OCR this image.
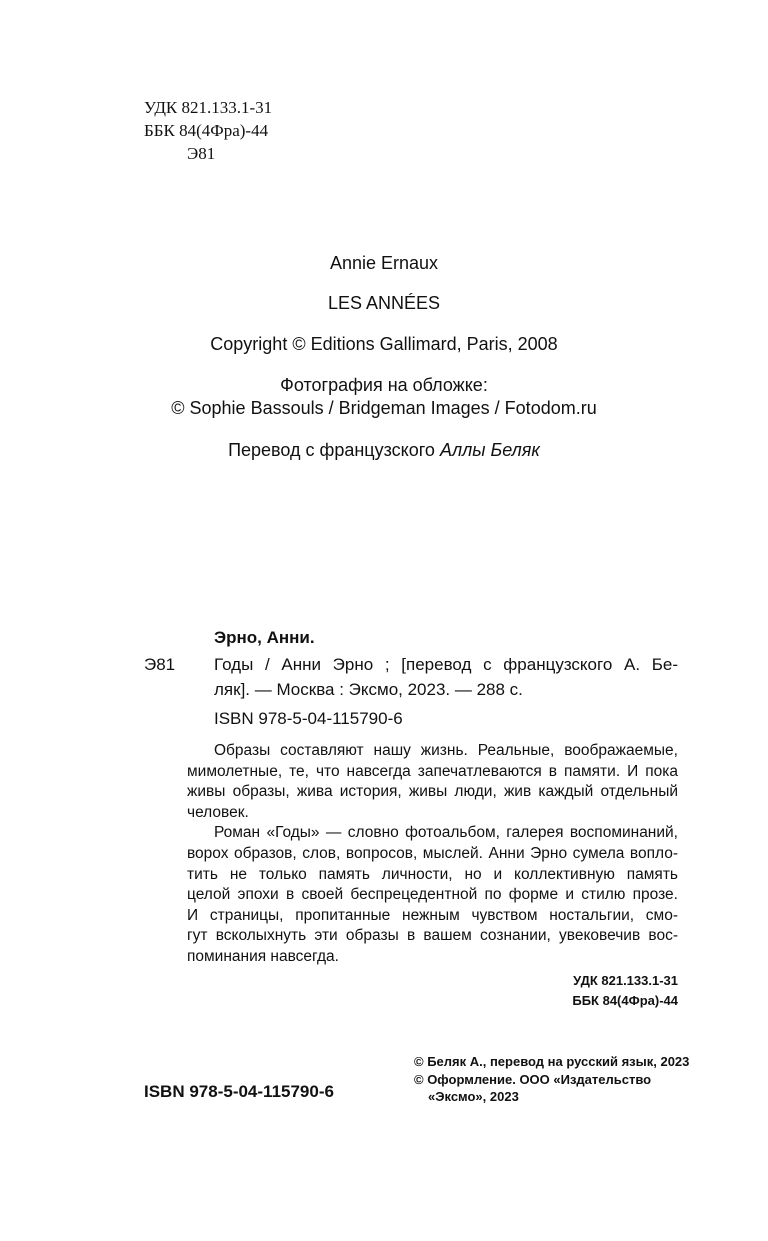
УДК 821.133.1-31
ББК 84(4Фра)-44
Э81
Annie Ernaux
LES ANNÉES
Copyright © Editions Gallimard, Paris, 2008
Фотография на обложке:
© Sophie Bassouls / Bridgeman Images / Fotodom.ru
Перевод с французского Аллы Беляк
Эрно, Анни.
Э81 Годы / Анни Эрно ; [перевод с французского А. Бе-
ляк]. — Москва : Эксмо, 2023. — 288 с.
ISBN 978-5-04-115790-6

Образы составляют нашу жизнь. Реальные, воображаемые,

мимолетные, те, что навсегда запечатлеваются в памяти. И пока

живы образы, жива история, живы люди, жив каждый отдельный

человек.

Роман «Годы» — словно фотоальбом, галерея воспоминаний,

ворох образов, слов, вопросов, мыслей. Анни Эрно сумела вопло-

тить не только память личности, но и коллективную память

целой эпохи в своей беспрецедентной по форме и стилю прозе.

И страницы, пропитанные нежным чувством ностальгии, смо-

гут всколыхнуть эти образы в вашем сознании, увековечив вос-

поминания навсегда.

УДК 821.133.1-31
ББК 84(4Фра)-44
© Беляк А., перевод на русский язык, 2023
© Оформление. ООО «Издательство
«Эксмо», 2023
ISBN 978-5-04-115790-6
